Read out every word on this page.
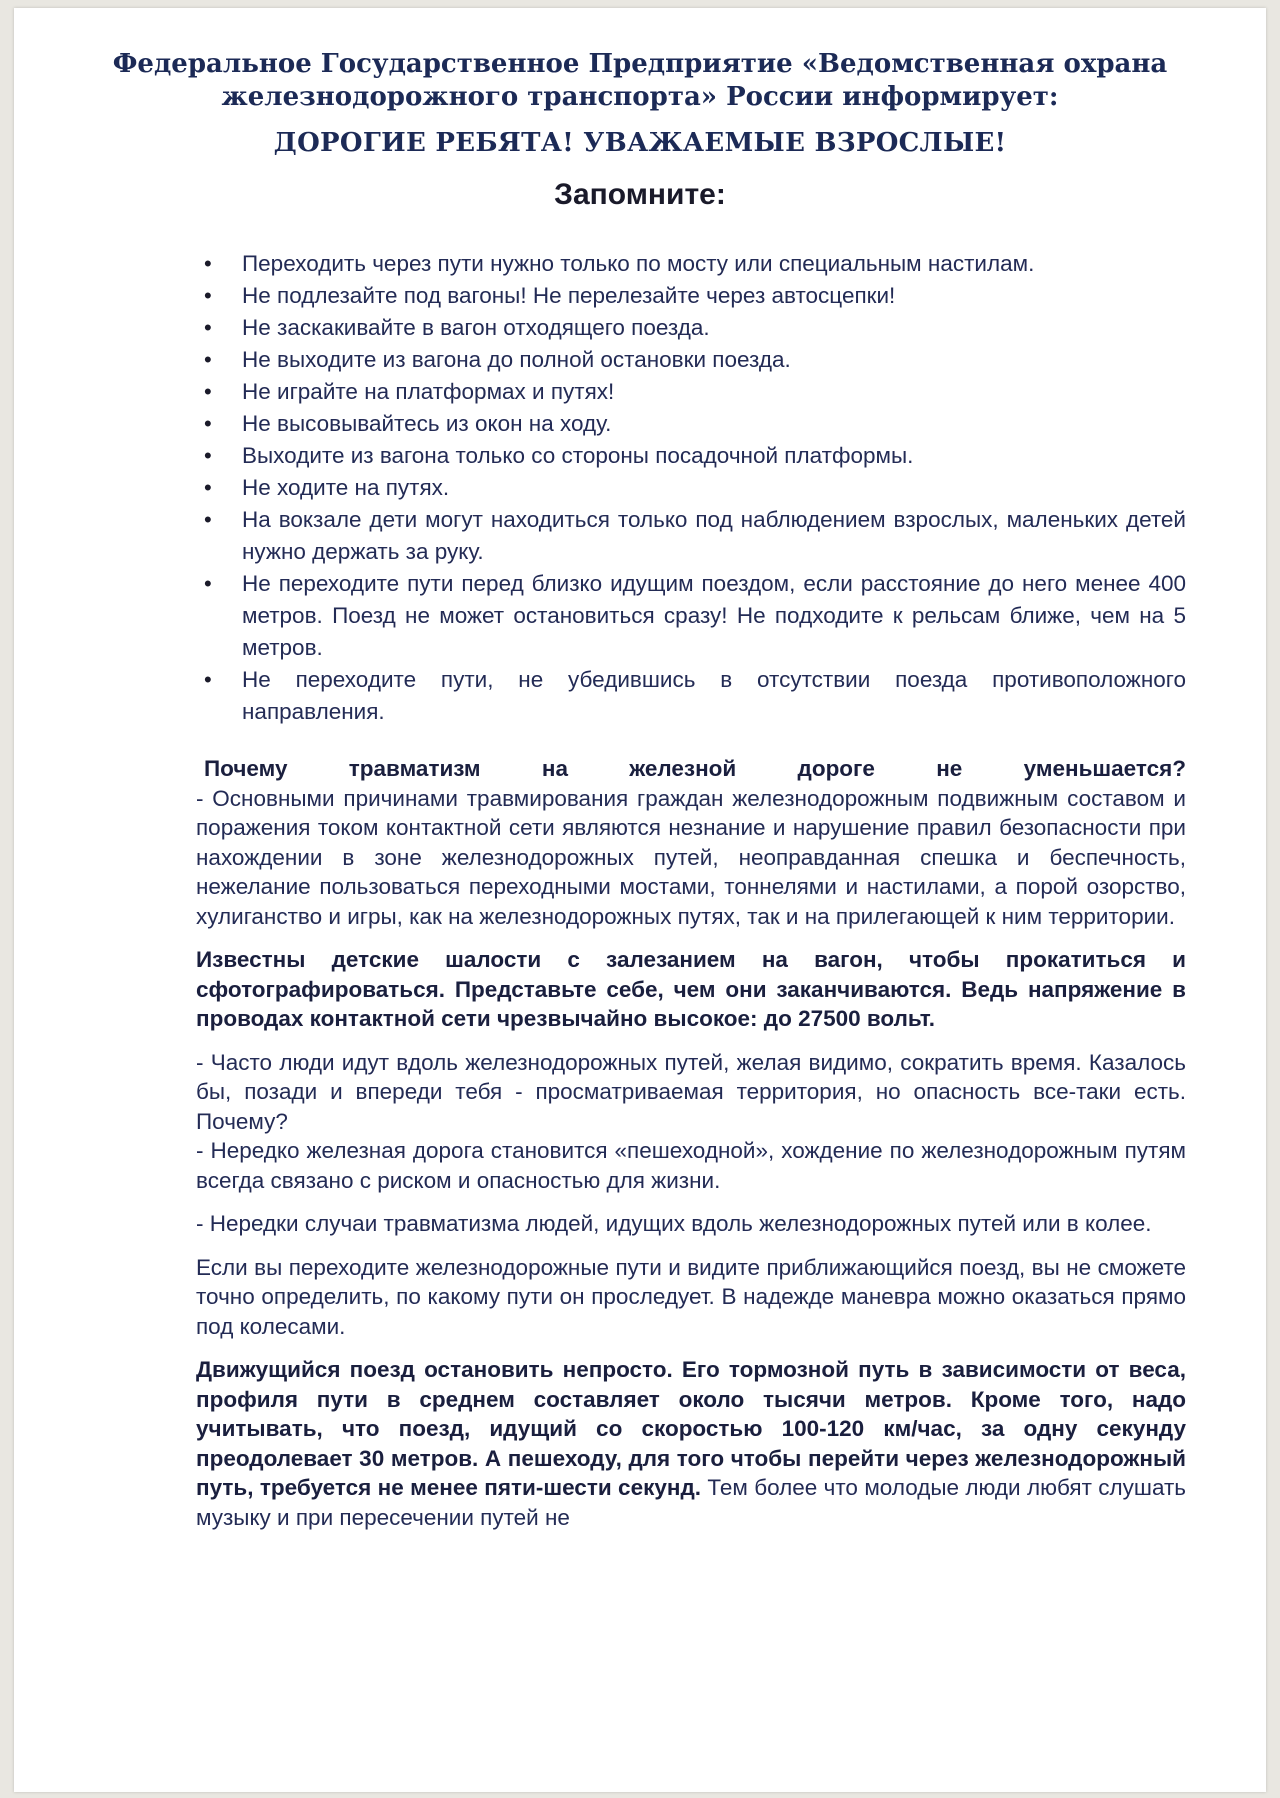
Федеральное Государственное Предприятие «Ведомственная охрана
железнодорожного транспорта» России информирует:
ДОРОГИЕ РЕБЯТА! УВАЖАЕМЫЕ ВЗРОСЛЫЕ!
Запомните:
• Переходить через пути нужно только по мосту или специальным настилам.
• Не подлезайте под вагоны! Не перелезайте через автосцепки!
• Не заскакивайте в вагон отходящего поезда.
• Не выходите из вагона до полной остановки поезда.
• Не играйте на платформах и путях!
• Не высовывайтесь из окон на ходу.
• Выходите из вагона только со стороны посадочной платформы.
• Не ходите на путях.
• На вокзале дети могут находиться только под наблюдением взрослых, маленьких детей нужно держать за руку.
• Не переходите пути перед близко идущим поездом, если расстояние до него менее 400 метров. Поезд не может остановиться сразу! Не подходите к рельсам ближе, чем на 5 метров.
• Не переходите пути, не убедившись в отсутствии поезда противоположного направления.

Почему травматизм на железной дороге не уменьшается?

- Основными причинами травмирования граждан железнодорожным подвижным составом и поражения током контактной сети являются незнание и нарушение правил безопасности при нахождении в зоне железнодорожных путей, неоправданная спешка и беспечность, нежелание пользоваться переходными мостами, тоннелями и настилами, а порой озорство, хулиганство и игры, как на железнодорожных путях, так и на прилегающей к ним территории.

Известны детские шалости с залезанием на вагон, чтобы прокатиться и сфотографироваться. Представьте себе, чем они заканчиваются. Ведь напряжение в проводах контактной сети чрезвычайно высокое: до 27500 вольт.

- Часто люди идут вдоль железнодорожных путей, желая видимо, сократить время. Казалось бы, позади и впереди тебя - просматриваемая территория, но опасность все-таки есть. Почему?

- Нередко железная дорога становится «пешеходной», хождение по железнодорожным путям всегда связано с риском и опасностью для жизни.

- Нередки случаи травматизма людей, идущих вдоль железнодорожных путей или в колее.

Если вы переходите железнодорожные пути и видите приближающийся поезд, вы не сможете точно определить, по какому пути он проследует. В надежде маневра можно оказаться прямо под колесами.

Движущийся поезд остановить непросто. Его тормозной путь в зависимости от веса, профиля пути в среднем составляет около тысячи метров. Кроме того, надо учитывать, что поезд, идущий со скоростью 100-120 км/час, за одну секунду преодолевает 30 метров. А пешеходу, для того чтобы перейти через железнодорожный путь, требуется не менее пяти-шести секунд. Тем более что молодые люди любят слушать музыку и при пересечении путей не
